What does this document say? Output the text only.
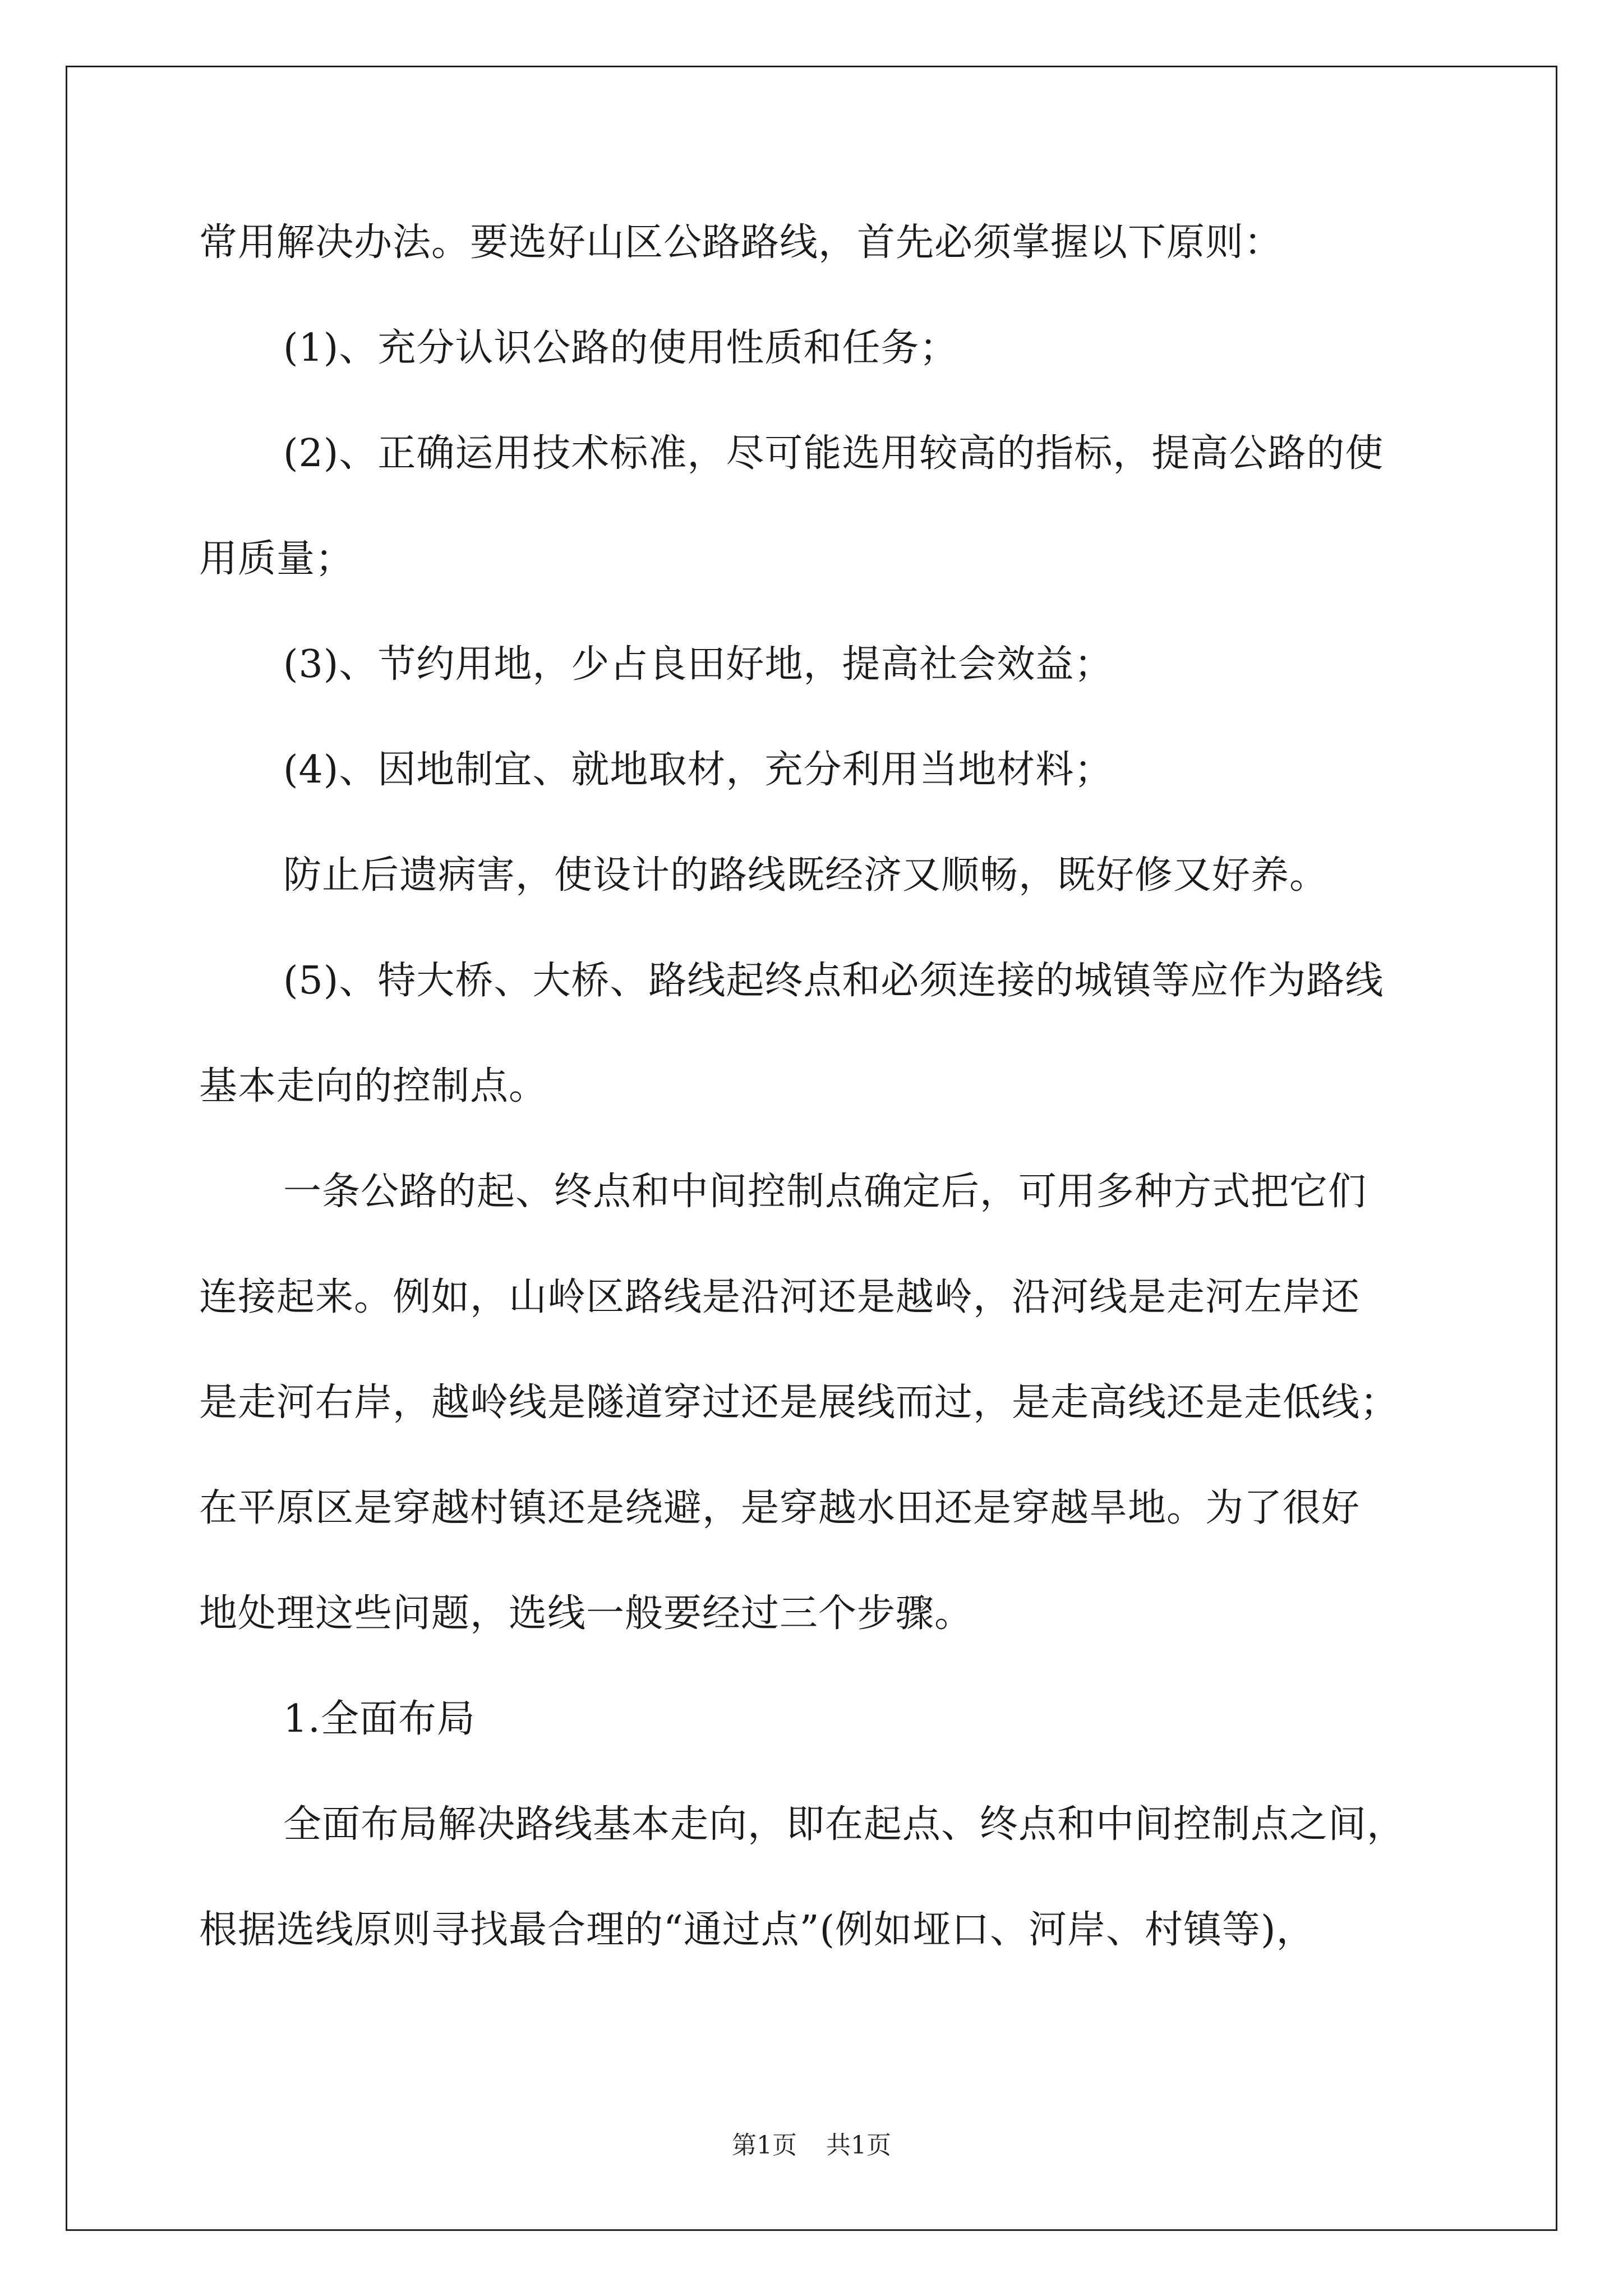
常用解决办法。要选好山区公路路线，首先必须掌握以下原则：
(1)、充分认识公路的使用性质和任务；
(2)、正确运用技术标准，尽可能选用较高的指标，提高公路的使
用质量；
(3)、节约用地，少占良田好地，提高社会效益；
(4)、因地制宜、就地取材，充分利用当地材料；
防止后遗病害，使设计的路线既经济又顺畅，既好修又好养。
(5)、特大桥、大桥、路线起终点和必须连接的城镇等应作为路线
基本走向的控制点。
一条公路的起、终点和中间控制点确定后，可用多种方式把它们
连接起来。例如，山岭区路线是沿河还是越岭，沿河线是走河左岸还
是走河右岸，越岭线是隧道穿过还是展线而过，是走高线还是走低线；
在平原区是穿越村镇还是绕避，是穿越水田还是穿越旱地。为了很好
地处理这些问题，选线一般要经过三个步骤。
1.全面布局
全面布局解决路线基本走向，即在起点、终点和中间控制点之间，
根据选线原则寻找最合理的“通过点”(例如垭口、河岸、村镇等)，
第1页 共1页
